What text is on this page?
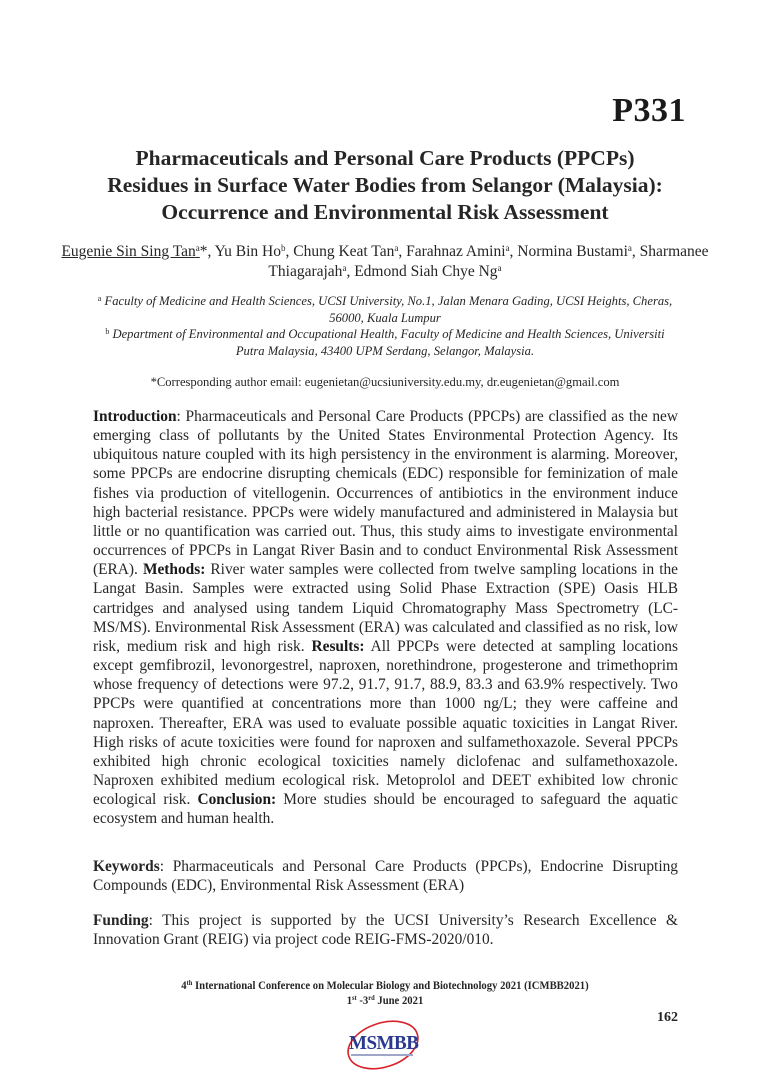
P331
Pharmaceuticals and Personal Care Products (PPCPs)
Residues in Surface Water Bodies from Selangor (Malaysia):
Occurrence and Environmental Risk Assessment
Eugenie Sin Sing Tan$^a$*, Yu Bin Ho$^b$, Chung Keat Tan$^a$, Farahnaz Amini$^a$, Normina Bustami$^a$, Sharmanee Thiagarajah$^a$, Edmond Siah Chye Ng$^a$
$^a$ Faculty of Medicine and Health Sciences, UCSI University, No.1, Jalan Menara Gading, UCSI Heights, Cheras,
56000, Kuala Lumpur
$^b$ Department of Environmental and Occupational Health, Faculty of Medicine and Health Sciences, Universiti
Putra Malaysia, 43400 UPM Serdang, Selangor, Malaysia.
*Corresponding author email: eugenietan@ucsiuniversity.edu.my, dr.eugenietan@gmail.com
Introduction: Pharmaceuticals and Personal Care Products (PPCPs) are classified as the new emerging class of pollutants by the United States Environmental Protection Agency. Its ubiquitous nature coupled with its high persistency in the environment is alarming. Moreover, some PPCPs are endocrine disrupting chemicals (EDC) responsible for feminization of male fishes via production of vitellogenin. Occurrences of antibiotics in the environment induce high bacterial resistance. PPCPs were widely manufactured and administered in Malaysia but little or no quantification was carried out. Thus, this study aims to investigate environmental occurrences of PPCPs in Langat River Basin and to conduct Environmental Risk Assessment (ERA). Methods: River water samples were collected from twelve sampling locations in the Langat Basin. Samples were extracted using Solid Phase Extraction (SPE) Oasis HLB cartridges and analysed using tandem Liquid Chromatography Mass Spectrometry (LC-MS/MS). Environmental Risk Assessment (ERA) was calculated and classified as no risk, low risk, medium risk and high risk. Results: All PPCPs were detected at sampling locations except gemfibrozil, levonorgestrel, naproxen, norethindrone, progesterone and trimethoprim whose frequency of detections were 97.2, 91.7, 91.7, 88.9, 83.3 and 63.9% respectively. Two PPCPs were quantified at concentrations more than 1000 ng/L; they were caffeine and naproxen. Thereafter, ERA was used to evaluate possible aquatic toxicities in Langat River. High risks of acute toxicities were found for naproxen and sulfamethoxazole. Several PPCPs exhibited high chronic ecological toxicities namely diclofenac and sulfamethoxazole. Naproxen exhibited medium ecological risk. Metoprolol and DEET exhibited low chronic ecological risk. Conclusion: More studies should be encouraged to safeguard the aquatic ecosystem and human health.
Keywords: Pharmaceuticals and Personal Care Products (PPCPs), Endocrine Disrupting Compounds (EDC), Environmental Risk Assessment (ERA)
Funding: This project is supported by the UCSI University’s Research Excellence & Innovation Grant (REIG) via project code REIG-FMS-2020/010.
4th International Conference on Molecular Biology and Biotechnology 2021 (ICMBB2021)
1st -3rd June 2021
162
MSMBB
